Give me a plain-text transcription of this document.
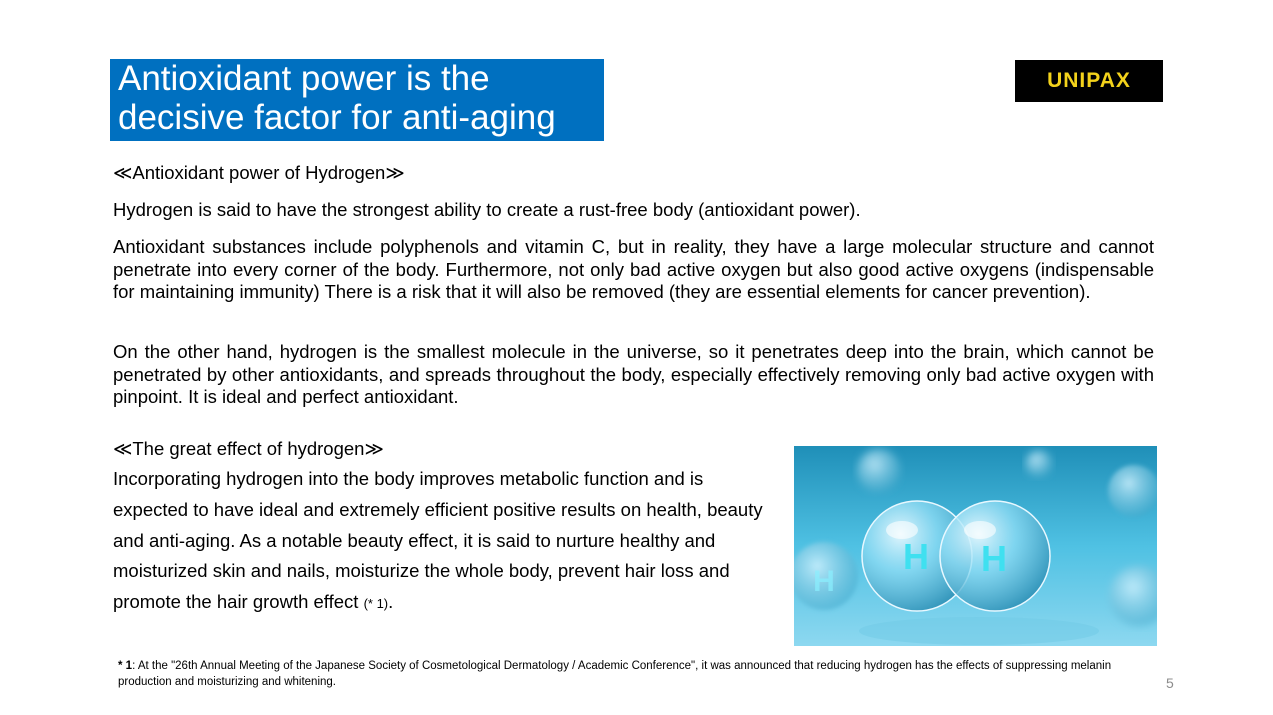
Antioxidant power is the
decisive factor for anti-aging
UNIPAX
≪Antioxidant power of Hydrogen≫
Hydrogen is said to have the strongest ability to create a rust-free body (antioxidant power).
Antioxidant substances include polyphenols and vitamin C, but in reality, they have a large molecular structure and cannot penetrate into every corner of the body. Furthermore, not only bad active oxygen but also good active oxygens (indispensable for maintaining immunity) There is a risk that it will also be removed (they are essential elements for cancer prevention).
On the other hand, hydrogen is the smallest molecule in the universe, so it penetrates deep into the brain, which cannot be penetrated by other antioxidants, and spreads throughout the body, especially effectively removing only bad active oxygen with pinpoint. It is ideal and perfect antioxidant.
≪The great effect of hydrogen≫
Incorporating hydrogen into the body improves metabolic function and is expected to have ideal and extremely efficient positive results on health, beauty and anti-aging. As a notable beauty effect, it is said to nurture healthy and moisturized skin and nails, moisturize the whole body, prevent hair loss and promote the hair growth effect (* 1).
H H
H
* 1: At the "26th Annual Meeting of the Japanese Society of Cosmetological Dermatology / Academic Conference", it was announced that reducing hydrogen has the effects of suppressing melanin production and moisturizing and whitening.	5
